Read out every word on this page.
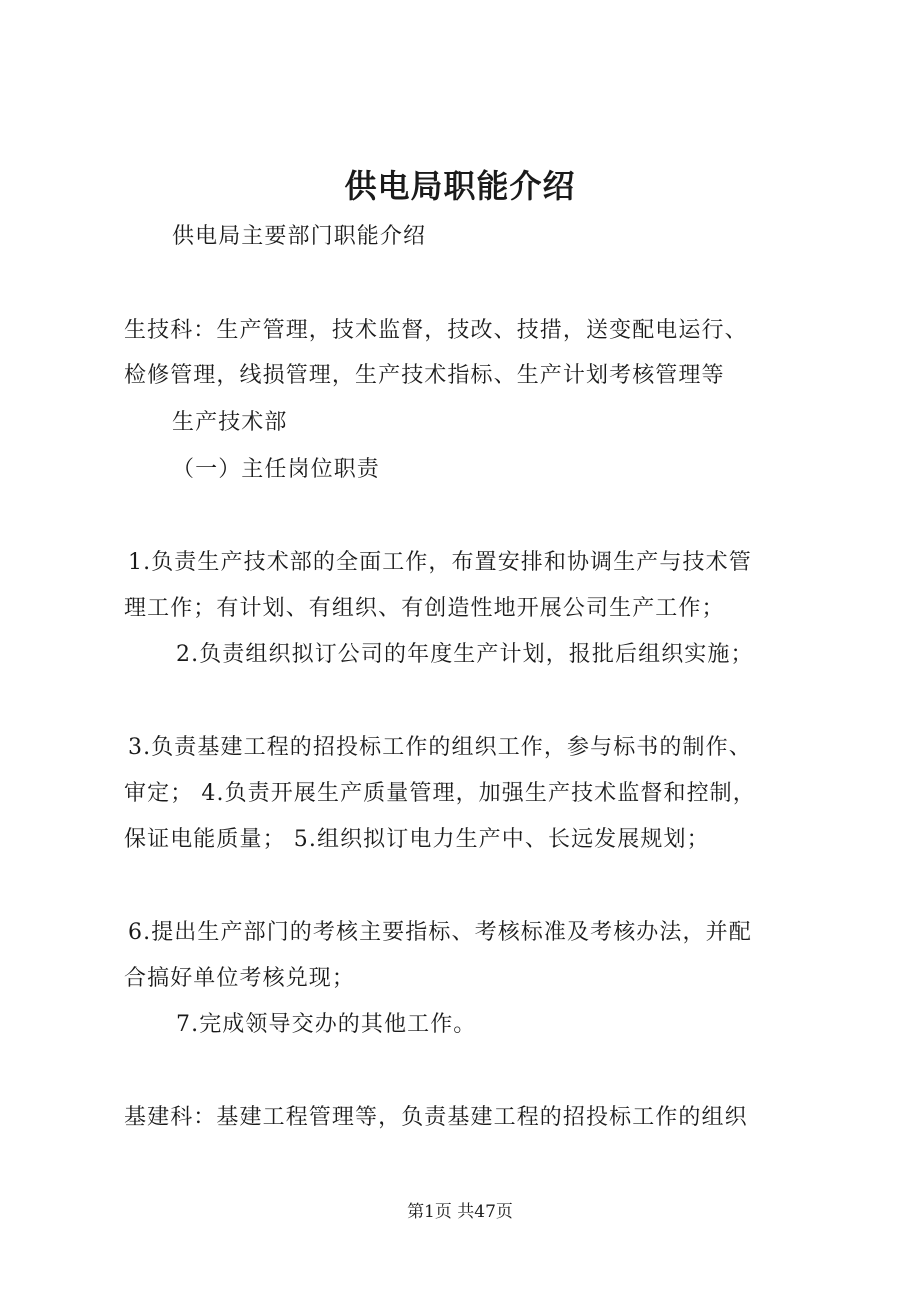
供电局职能介绍
供电局主要部门职能介绍
生技科：生产管理，技术监督，技改、技措，送变配电运行、
检修管理，线损管理，生产技术指标、生产计划考核管理等
生产技术部
（一）主任岗位职责
1.负责生产技术部的全面工作，布置安排和协调生产与技术管
理工作；有计划、有组织、有创造性地开展公司生产工作；
2.负责组织拟订公司的年度生产计划，报批后组织实施；
3.负责基建工程的招投标工作的组织工作，参与标书的制作、
审定； 4.负责开展生产质量管理，加强生产技术监督和控制，
保证电能质量； 5.组织拟订电力生产中、长远发展规划；
6.提出生产部门的考核主要指标、考核标准及考核办法，并配
合搞好单位考核兑现；
7.完成领导交办的其他工作。
基建科：基建工程管理等，负责基建工程的招投标工作的组织
第1页 共47页
